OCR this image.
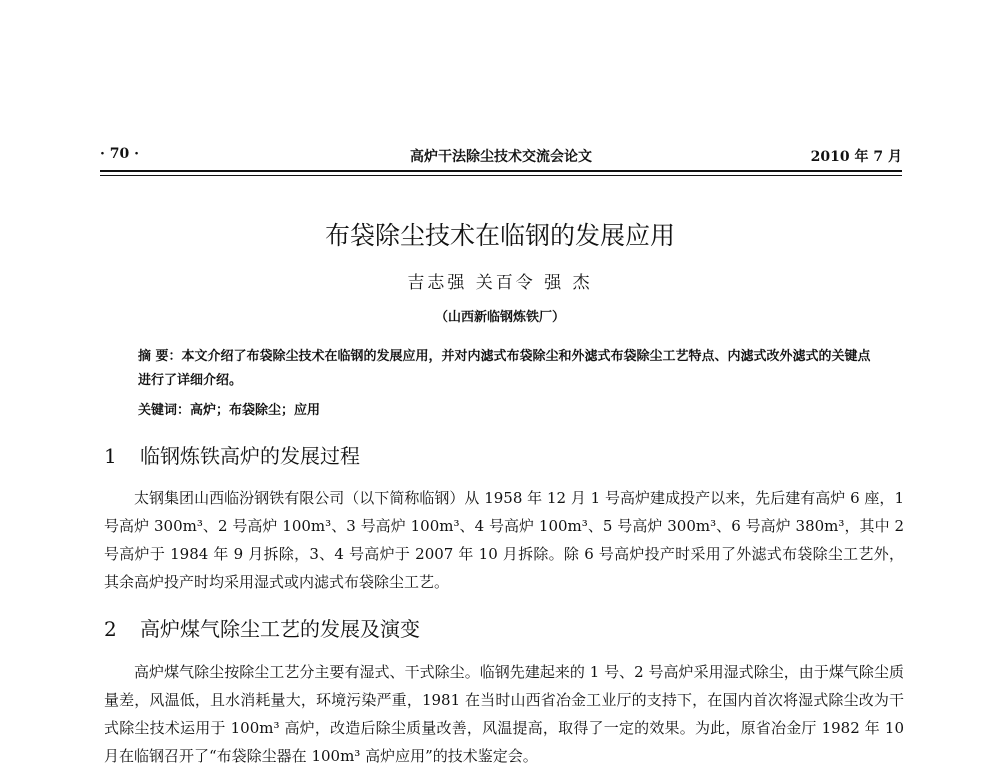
· 70 ·	高炉干法除尘技术交流会论文	2010 年 7 月
布袋除尘技术在临钢的发展应用
吉志强 关百令 强 杰
（山西新临钢炼铁厂）
摘 要：本文介绍了布袋除尘技术在临钢的发展应用，并对内滤式布袋除尘和外滤式布袋除尘工艺特点、内滤式改外滤式的关键点进行了详细介绍。
关键词：高炉；布袋除尘；应用
1 临钢炼铁高炉的发展过程
太钢集团山西临汾钢铁有限公司（以下简称临钢）从 1958 年 12 月 1 号高炉建成投产以来，先后建有高炉 6 座，1 号高炉 300m³、2 号高炉 100m³、3 号高炉 100m³、4 号高炉 100m³、5 号高炉 300m³、6 号高炉 380m³，其中 2 号高炉于 1984 年 9 月拆除，3、4 号高炉于 2007 年 10 月拆除。除 6 号高炉投产时采用了外滤式布袋除尘工艺外，其余高炉投产时均采用湿式或内滤式布袋除尘工艺。
2 高炉煤气除尘工艺的发展及演变
高炉煤气除尘按除尘工艺分主要有湿式、干式除尘。临钢先建起来的 1 号、2 号高炉采用湿式除尘，由于煤气除尘质量差，风温低，且水消耗量大，环境污染严重，1981 在当时山西省冶金工业厅的支持下，在国内首次将湿式除尘改为干式除尘技术运用于 100m³ 高炉，改造后除尘质量改善，风温提高，取得了一定的效果。为此，原省冶金厅 1982 年 10 月在临钢召开了“布袋除尘器在 100m³ 高炉应用”的技术鉴定会。
